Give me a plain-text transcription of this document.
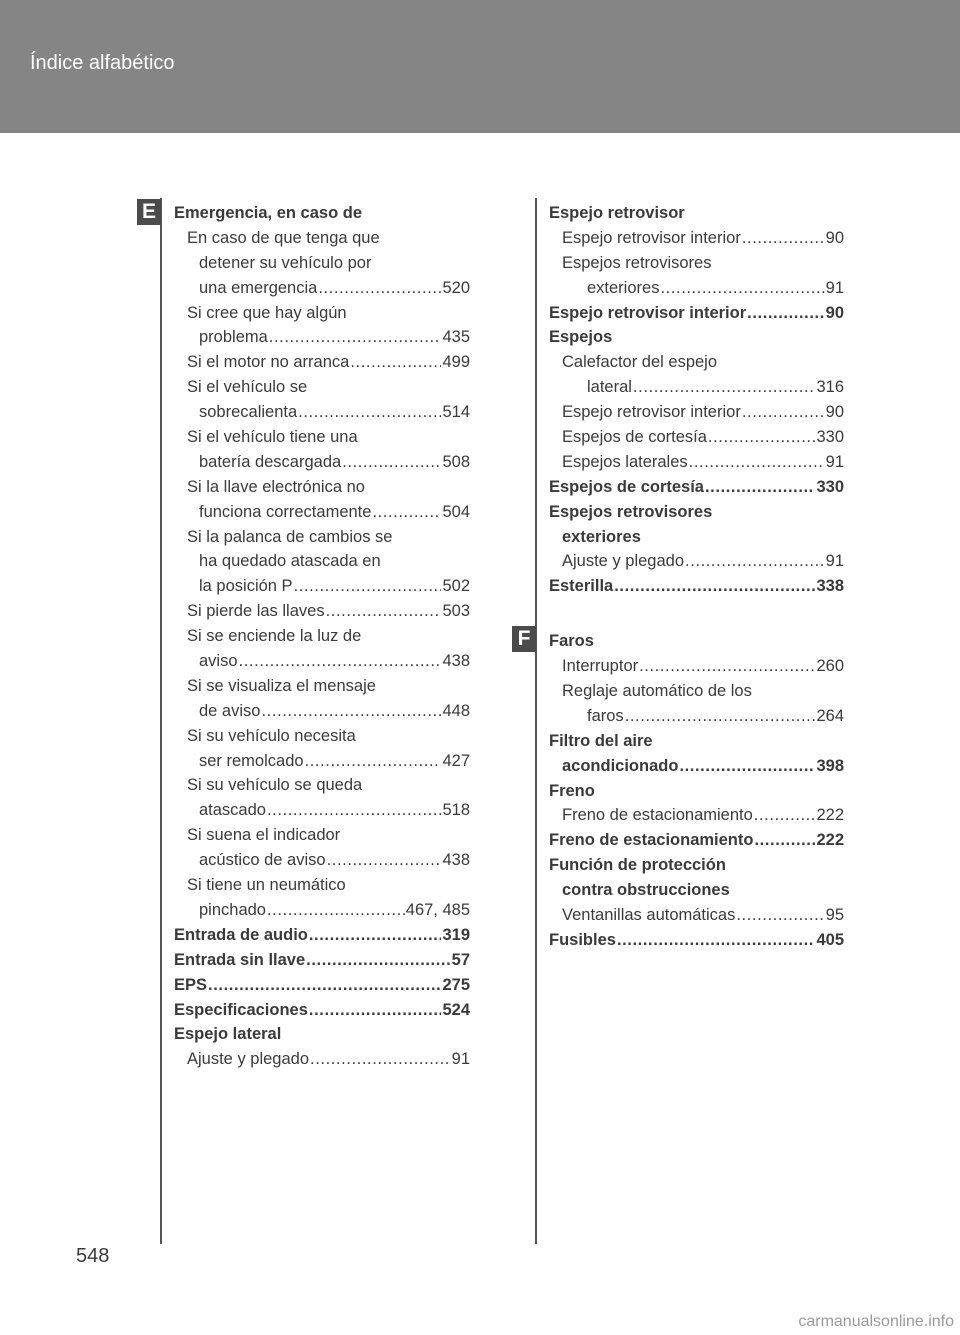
Índice alfabético
E
F
Emergencia, en caso de
En caso de que tenga que
detener su vehículo por
una emergencia .....	520
Si cree que hay algún
problema .....	435
Si el motor no arranca .....	499
Si el vehículo se
sobrecalienta .....	514
Si el vehículo tiene una
batería descargada .....	508
Si la llave electrónica no
funciona correctamente .....	504
Si la palanca de cambios se
ha quedado atascada en
la posición P .....	502
Si pierde las llaves .....	503
Si se enciende la luz de
aviso .....	438
Si se visualiza el mensaje
de aviso .....	448
Si su vehículo necesita
ser remolcado .....	427
Si su vehículo se queda
atascado .....	518
Si suena el indicador
acústico de aviso .....	438
Si tiene un neumático
pinchado .....	467, 485
Entrada de audio .....	319
Entrada sin llave .....	57
EPS .....	275
Especificaciones .....	524
Espejo lateral
Ajuste y plegado .....	91
Espejo retrovisor
Espejo retrovisor interior .....	90
Espejos retrovisores
exteriores .....	91
Espejo retrovisor interior .....	90
Espejos
Calefactor del espejo
lateral .....	316
Espejo retrovisor interior .....	90
Espejos de cortesía .....	330
Espejos laterales .....	91
Espejos de cortesía .....	330
Espejos retrovisores
exteriores
Ajuste y plegado .....	91
Esterilla .....	338
Faros
Interruptor .....	260
Reglaje automático de los
faros .....	264
Filtro del aire
acondicionado .....	398
Freno
Freno de estacionamiento .....	222
Freno de estacionamiento .....	222
Función de protección
contra obstrucciones
Ventanillas automáticas .....	95
Fusibles .....	405
548
carmanualsonline.info
